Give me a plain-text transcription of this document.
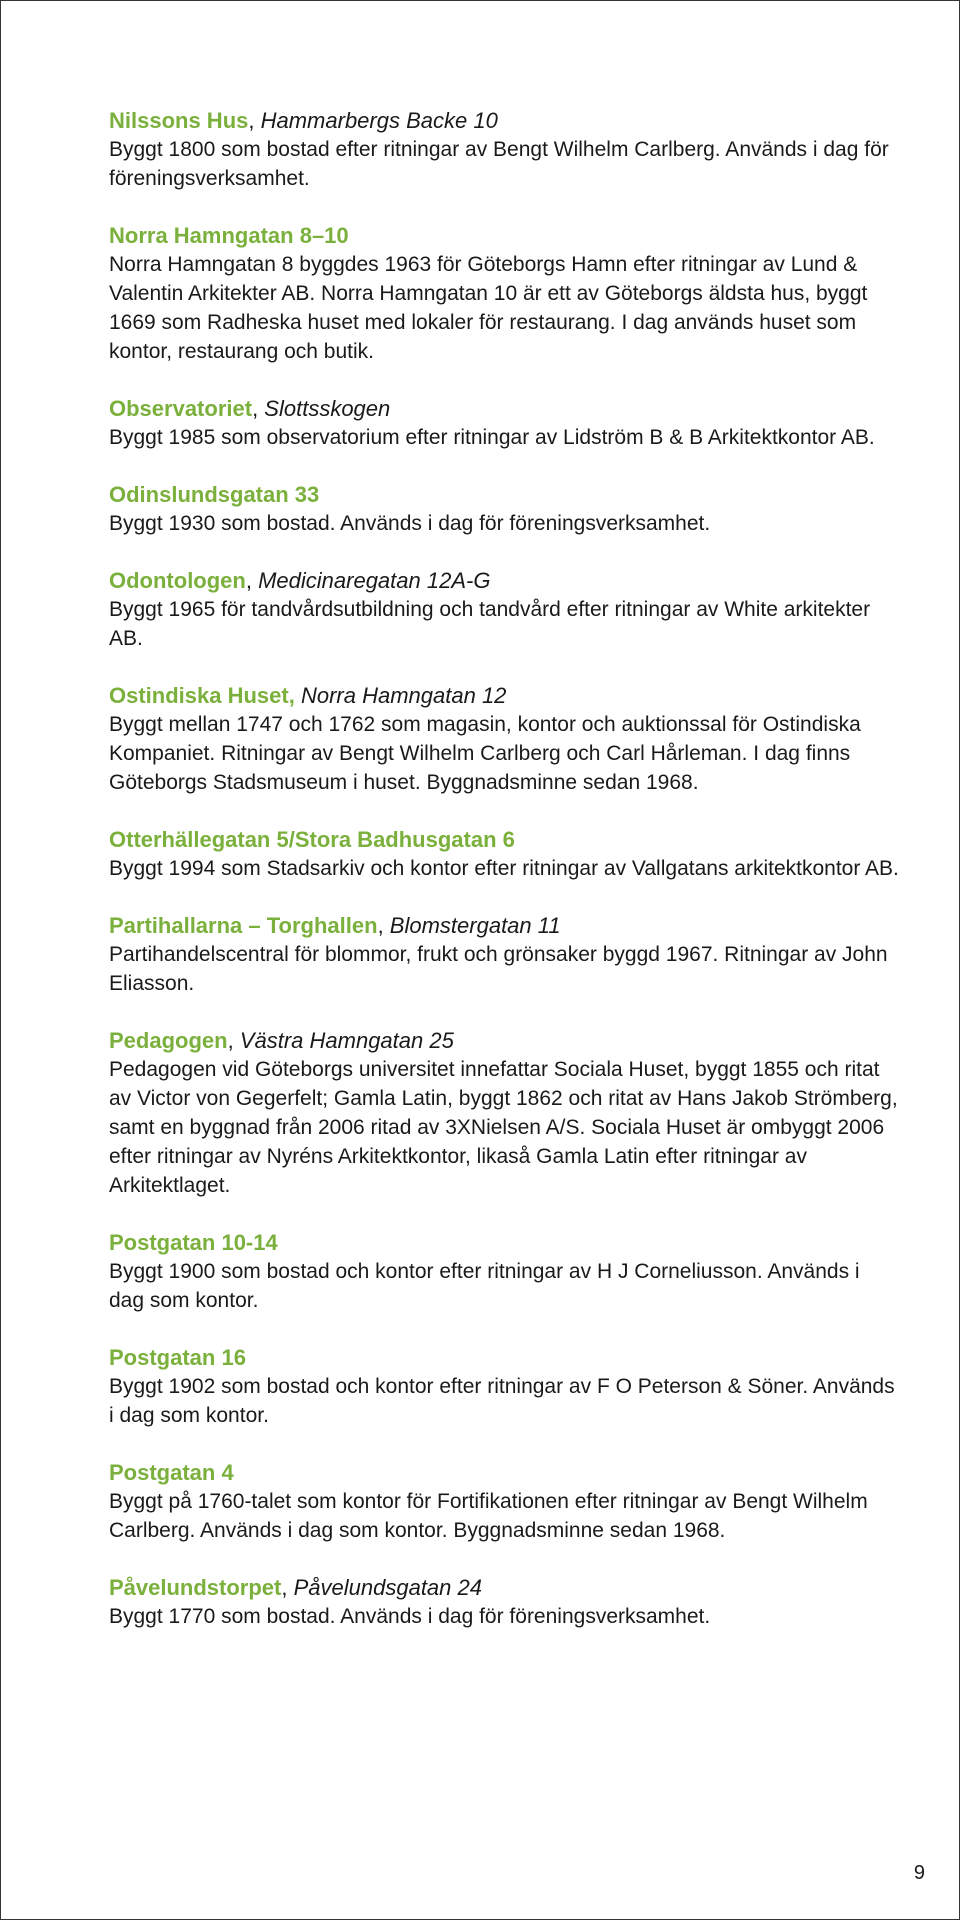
Nilssons Hus, Hammarbergs Backe 10

Byggt 1800 som bostad efter ritningar av Bengt Wilhelm Carlberg. Används i dag för föreningsverksamhet.

Norra Hamngatan 8–10

Norra Hamngatan 8 byggdes 1963 för Göteborgs Hamn efter ritningar av Lund & Valentin Arkitekter AB. Norra Hamngatan 10 är ett av Göteborgs äldsta hus, byggt 1669 som Radheska huset med lokaler för restaurang. I dag används huset som kontor, restaurang och butik.

Observatoriet, Slottsskogen

Byggt 1985 som observatorium efter ritningar av Lidström B & B Arkitektkontor AB.

Odinslundsgatan 33

Byggt 1930 som bostad. Används i dag för föreningsverksamhet.

Odontologen, Medicinaregatan 12A-G

Byggt 1965 för tandvårdsutbildning och tandvård efter ritningar av White arkitekter AB.

Ostindiska Huset, Norra Hamngatan 12

Byggt mellan 1747 och 1762 som magasin, kontor och auktionssal för Ostindiska Kompaniet. Ritningar av Bengt Wilhelm Carlberg och Carl Hårleman. I dag finns Göteborgs Stadsmuseum i huset. Byggnadsminne sedan 1968.

Otterhällegatan 5/Stora Badhusgatan 6

Byggt 1994 som Stadsarkiv och kontor efter ritningar av Vallgatans arkitektkontor AB.

Partihallarna – Torghallen, Blomstergatan 11

Partihandelscentral för blommor, frukt och grönsaker byggd 1967. Ritningar av John Eliasson.

Pedagogen, Västra Hamngatan 25

Pedagogen vid Göteborgs universitet innefattar Sociala Huset, byggt 1855 och ritat av Victor von Gegerfelt; Gamla Latin, byggt 1862 och ritat av Hans Jakob Strömberg, samt en byggnad från 2006 ritad av 3XNielsen A/S. Sociala Huset är ombyggt 2006 efter ritningar av Nyréns Arkitektkontor, likaså Gamla Latin efter ritningar av Arkitektlaget.

Postgatan 10-14

Byggt 1900 som bostad och kontor efter ritningar av H J Corneliusson. Används i dag som kontor.

Postgatan 16

Byggt 1902 som bostad och kontor efter ritningar av F O Peterson & Söner. Används i dag som kontor.

Postgatan 4

Byggt på 1760-talet som kontor för Fortifikationen efter ritningar av Bengt Wilhelm Carlberg. Används i dag som kontor. Byggnadsminne sedan 1968.

Påvelundstorpet, Påvelundsgatan 24

Byggt 1770 som bostad. Används i dag för föreningsverksamhet.

9
